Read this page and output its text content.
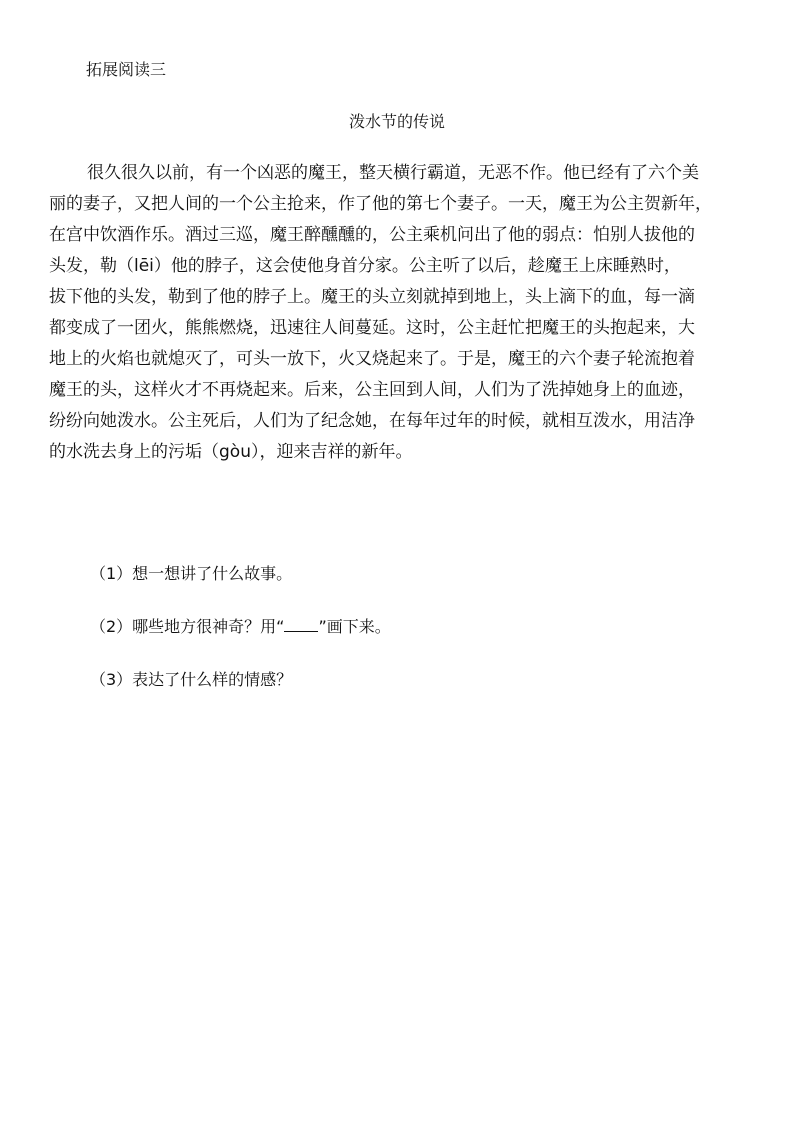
拓展阅读三
泼水节的传说
很久很久以前，有一个凶恶的魔王，整天横行霸道，无恶不作。他已经有了六个美
丽的妻子，又把人间的一个公主抢来，作了他的第七个妻子。一天，魔王为公主贺新年，
在宫中饮酒作乐。酒过三巡，魔王醉醺醺的，公主乘机问出了他的弱点：怕别人拔他的
头发，勒（lēi）他的脖子，这会使他身首分家。公主听了以后，趁魔王上床睡熟时，
拔下他的头发，勒到了他的脖子上。魔王的头立刻就掉到地上，头上滴下的血，每一滴
都变成了一团火，熊熊燃烧，迅速往人间蔓延。这时，公主赶忙把魔王的头抱起来，大
地上的火焰也就熄灭了，可头一放下，火又烧起来了。于是，魔王的六个妻子轮流抱着
魔王的头，这样火才不再烧起来。后来，公主回到人间，人们为了洗掉她身上的血迹，
纷纷向她泼水。公主死后，人们为了纪念她，在每年过年的时候，就相互泼水，用洁净
的水洗去身上的污垢（gòu），迎来吉祥的新年。
（1）想一想讲了什么故事。
（2）哪些地方很神奇？用“ ”画下来。
（3）表达了什么样的情感？
